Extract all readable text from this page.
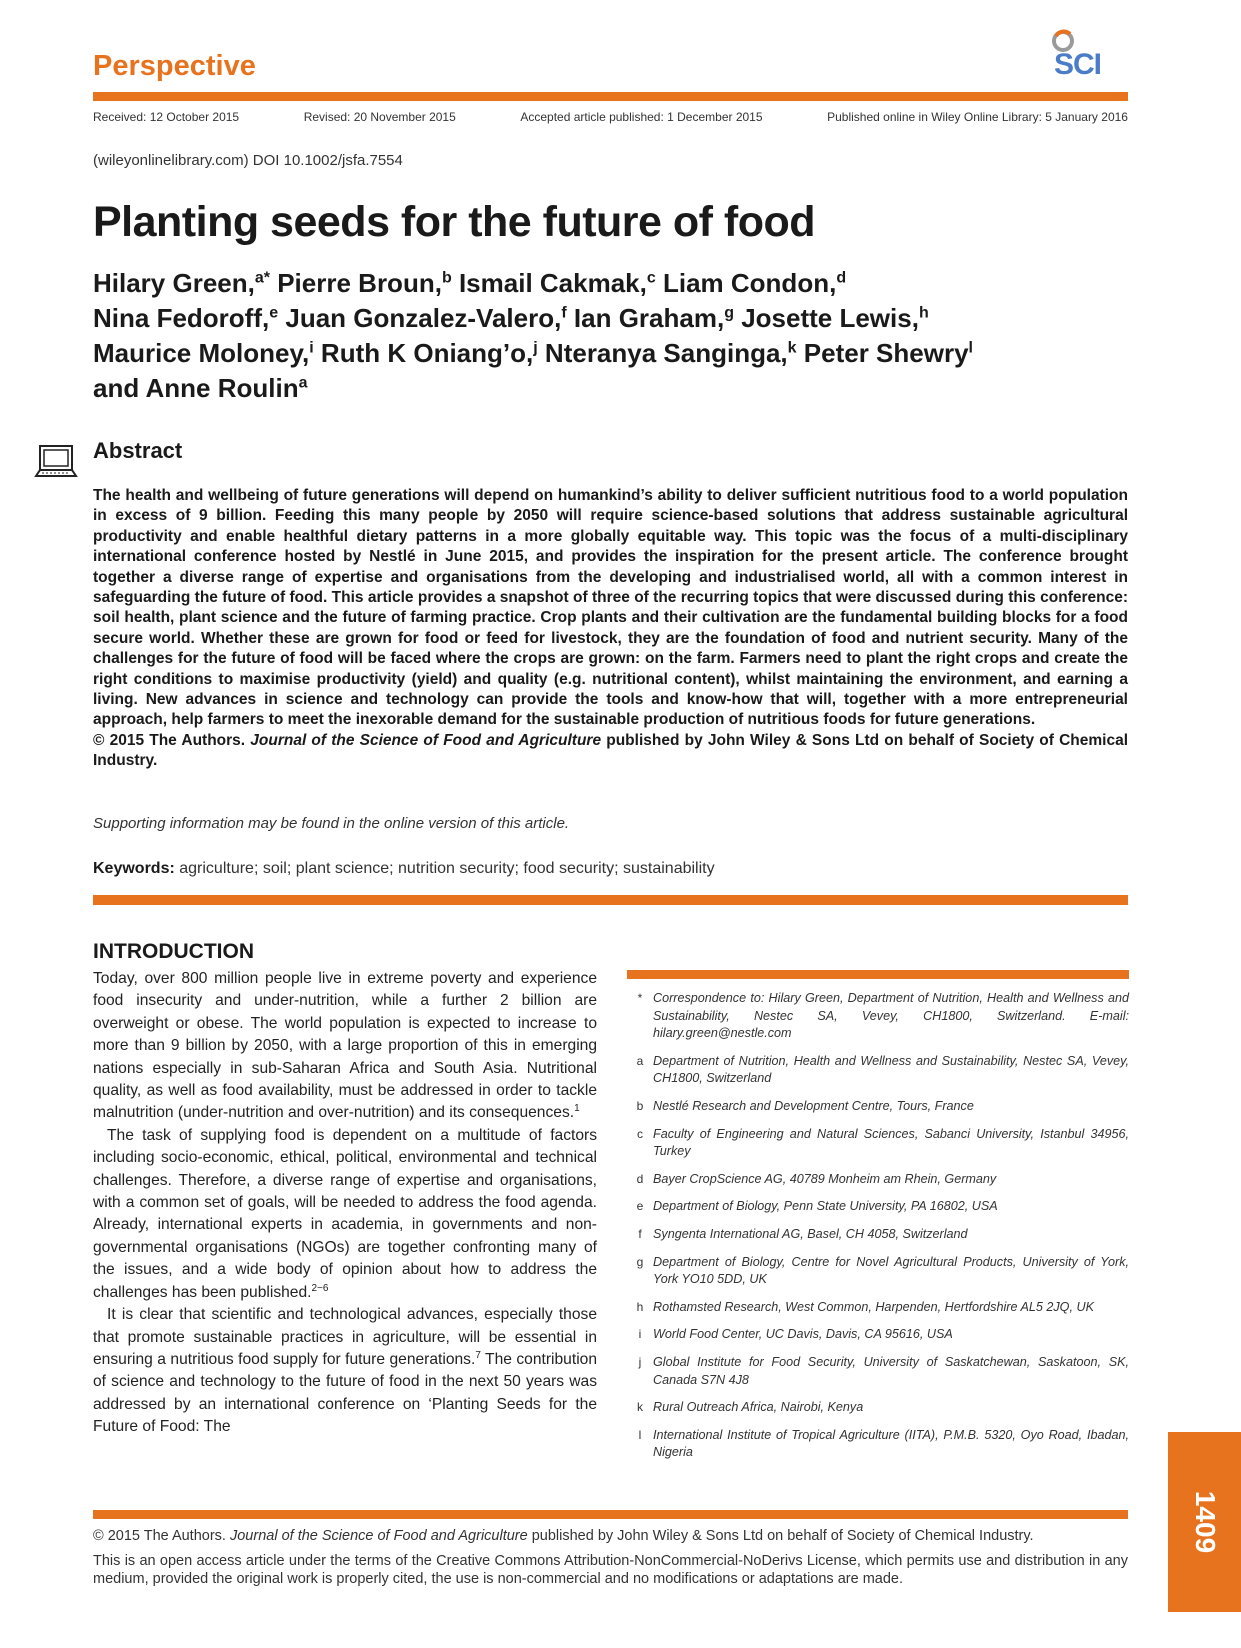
Perspective	SCI
Received: 12 October 2015	Revised: 20 November 2015	Accepted article published: 1 December 2015	Published online in Wiley Online Library: 5 January 2016
(wileyonlinelibrary.com) DOI 10.1002/jsfa.7554
Planting seeds for the future of food
Hilary Green,$^{a*}$ Pierre Broun,$^b$ Ismail Cakmak,$^c$ Liam Condon,$^d$
Nina Fedoroff,$^e$ Juan Gonzalez-Valero,$^f$ Ian Graham,$^g$ Josette Lewis,$^h$
Maurice Moloney,$^i$ Ruth K Oniang’o,$^j$ Nteranya Sanginga,$^k$ Peter Shewry$^l$
and Anne Roulin$^a$
Abstract
The health and wellbeing of future generations will depend on humankind’s ability to deliver sufficient nutritious food to a world population in excess of 9 billion. Feeding this many people by 2050 will require science-based solutions that address sustainable agricultural productivity and enable healthful dietary patterns in a more globally equitable way. This topic was the focus of a multi-disciplinary international conference hosted by Nestlé in June 2015, and provides the inspiration for the present article. The conference brought together a diverse range of expertise and organisations from the developing and industrialised world, all with a common interest in safeguarding the future of food. This article provides a snapshot of three of the recurring topics that were discussed during this conference: soil health, plant science and the future of farming practice. Crop plants and their cultivation are the fundamental building blocks for a food secure world. Whether these are grown for food or feed for livestock, they are the foundation of food and nutrient security. Many of the challenges for the future of food will be faced where the crops are grown: on the farm. Farmers need to plant the right crops and create the right conditions to maximise productivity (yield) and quality (e.g. nutritional content), whilst maintaining the environment, and earning a living. New advances in science and technology can provide the tools and know-how that will, together with a more entrepreneurial approach, help farmers to meet the inexorable demand for the sustainable production of nutritious foods for future generations.
© 2015 The Authors. Journal of the Science of Food and Agriculture published by John Wiley & Sons Ltd on behalf of Society of Chemical Industry.
Supporting information may be found in the online version of this article.
Keywords: agriculture; soil; plant science; nutrition security; food security; sustainability
INTRODUCTION

Today, over 800 million people live in extreme poverty and experience food insecurity and under-nutrition, while a further 2 billion are overweight or obese. The world population is expected to increase to more than 9 billion by 2050, with a large proportion of this in emerging nations especially in sub-Saharan Africa and South Asia. Nutritional quality, as well as food availability, must be addressed in order to tackle malnutrition (under-nutrition and over-nutrition) and its consequences.$^1$

The task of supplying food is dependent on a multitude of factors including socio-economic, ethical, political, environmental and technical challenges. Therefore, a diverse range of expertise and organisations, with a common set of goals, will be needed to address the food agenda. Already, international experts in academia, in governments and non-governmental organisations (NGOs) are together confronting many of the issues, and a wide body of opinion about how to address the challenges has been published.$^{2-6}$

It is clear that scientific and technological advances, especially those that promote sustainable practices in agriculture, will be essential in ensuring a nutritious food supply for future generations.$^7$ The contribution of science and technology to the future of food in the next 50 years was addressed by an international conference on ‘Planting Seeds for the Future of Food: The

* Correspondence to: Hilary Green, Department of Nutrition, Health and Wellness and Sustainability, Nestec SA, Vevey, CH1800, Switzerland. E-mail: hilary.green@nestle.com
a Department of Nutrition, Health and Wellness and Sustainability, Nestec SA, Vevey, CH1800, Switzerland
b Nestlé Research and Development Centre, Tours, France
c Faculty of Engineering and Natural Sciences, Sabanci University, Istanbul 34956, Turkey
d Bayer CropScience AG, 40789 Monheim am Rhein, Germany
e Department of Biology, Penn State University, PA 16802, USA
f Syngenta International AG, Basel, CH 4058, Switzerland
g Department of Biology, Centre for Novel Agricultural Products, University of York, York YO10 5DD, UK
h Rothamsted Research, West Common, Harpenden, Hertfordshire AL5 2JQ, UK
i World Food Center, UC Davis, Davis, CA 95616, USA
j Global Institute for Food Security, University of Saskatchewan, Saskatoon, SK, Canada S7N 4J8
k Rural Outreach Africa, Nairobi, Kenya
l International Institute of Tropical Agriculture (IITA), P.M.B. 5320, Oyo Road, Ibadan, Nigeria
© 2015 The Authors. Journal of the Science of Food and Agriculture published by John Wiley & Sons Ltd on behalf of Society of Chemical Industry.
This is an open access article under the terms of the Creative Commons Attribution-NonCommercial-NoDerivs License, which permits use and distribution in any medium, provided the original work is properly cited, the use is non-commercial and no modifications or adaptations are made.
1409
